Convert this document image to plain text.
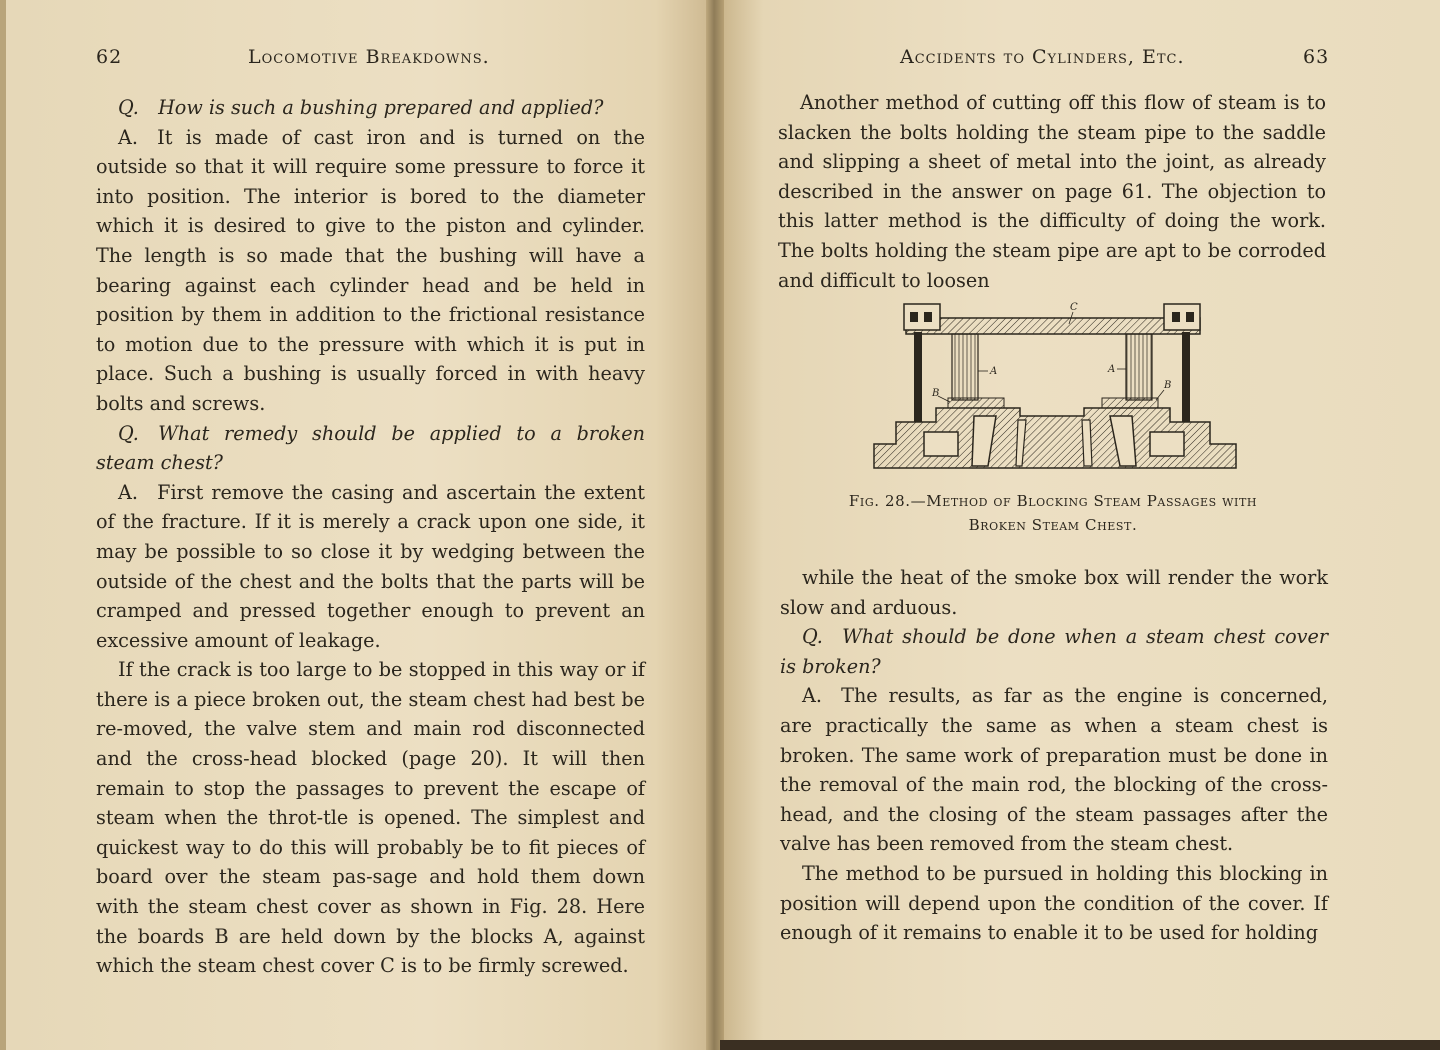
62	Locomotive Breakdowns.	Accidents to Cylinders, Etc.	63

Q.  How is such a bushing prepared and applied?

A.  It is made of cast iron and is turned on the outside so that it will require some pressure to force it into position. The interior is bored to the diameter which it is desired to give to the piston and cylinder. The length is so made that the bushing will have a bearing against each cylinder head and be held in position by them in addition to the frictional resistance to motion due to the pressure with which it is put in place. Such a bushing is usually forced in with heavy bolts and screws.

Q.  What remedy should be applied to a broken steam chest?

A.  First remove the casing and ascertain the extent of the fracture. If it is merely a crack upon one side, it may be possible to so close it by wedging between the outside of the chest and the bolts that the parts will be cramped and pressed together enough to prevent an excessive amount of leakage.

If the crack is too large to be stopped in this way or if there is a piece broken out, the steam chest had best be re-moved, the valve stem and main rod disconnected and the cross-head blocked (page 20). It will then remain to stop the passages to prevent the escape of steam when the throt-tle is opened. The simplest and quickest way to do this will probably be to fit pieces of board over the steam pas-sage and hold them down with the steam chest cover as shown in Fig. 28. Here the boards B are held down by the blocks A, against which the steam chest cover C is to be firmly screwed.

Another method of cutting off this flow of steam is to slacken the bolts holding the steam pipe to the saddle and slipping a sheet of metal into the joint, as already described in the answer on page 61. The objection to this latter method is the difficulty of doing the work. The bolts holding the steam pipe are apt to be corroded and difficult to loosen

C
A	A
B
B
Fig. 28.—Method of Blocking Steam Passages with
Broken Steam Chest.

while the heat of the smoke box will render the work slow and arduous.

Q.  What should be done when a steam chest cover is broken?

A.  The results, as far as the engine is concerned, are practically the same as when a steam chest is broken. The same work of preparation must be done in the removal of the main rod, the blocking of the cross-head, and the closing of the steam passages after the valve has been removed from the steam chest.

The method to be pursued in holding this blocking in position will depend upon the condition of the cover. If enough of it remains to enable it to be used for holding
